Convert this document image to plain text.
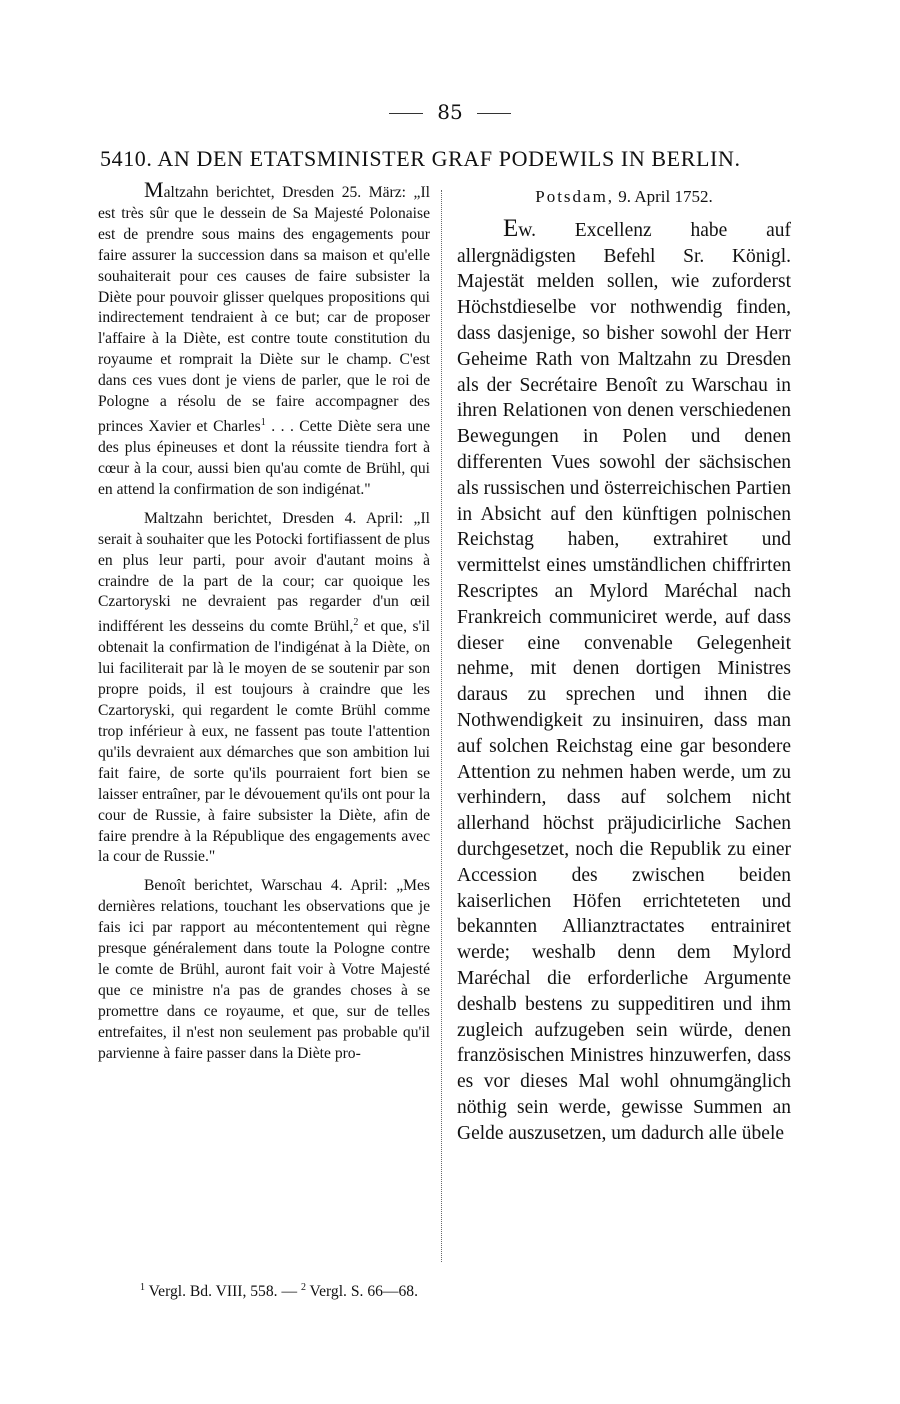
85
5410. AN DEN ETATSMINISTER GRAF PODEWILS IN BERLIN.

Maltzahn berichtet, Dresden 25. März: „Il est très sûr que le dessein de Sa Majesté Polonaise est de prendre sous mains des engagements pour faire assurer la succession dans sa maison et qu'elle souhaiterait pour ces causes de faire subsister la Diète pour pouvoir glisser quelques propositions qui indirectement tendraient à ce but; car de proposer l'affaire à la Diète, est contre toute constitution du royaume et romprait la Diète sur le champ. C'est dans ces vues dont je viens de parler, que le roi de Pologne a résolu de se faire accompagner des princes Xavier et Charles$^1$ . . . Cette Diète sera une des plus épineuses et dont la réussite tiendra fort à cœur à la cour, aussi bien qu'au comte de Brühl, qui en attend la confirmation de son indigénat."

Maltzahn berichtet, Dresden 4. April: „Il serait à souhaiter que les Potocki fortifiassent de plus en plus leur parti, pour avoir d'autant moins à craindre de la part de la cour; car quoique les Czartoryski ne devraient pas regarder d'un œil indifférent les desseins du comte Brühl,$^2$ et que, s'il obtenait la confirmation de l'indigénat à la Diète, on lui faciliterait par là le moyen de se soutenir par son propre poids, il est toujours à craindre que les Czartoryski, qui regardent le comte Brühl comme trop inférieur à eux, ne fassent pas toute l'attention qu'ils devraient aux démarches que son ambition lui fait faire, de sorte qu'ils pourraient fort bien se laisser entraîner, par le dévouement qu'ils ont pour la cour de Russie, à faire subsister la Diète, afin de faire prendre à la République des engagements avec la cour de Russie."

Benoît berichtet, Warschau 4. April: „Mes dernières relations, touchant les observations que je fais ici par rapport au mécontentement qui règne presque généralement dans toute la Pologne contre le comte de Brühl, auront fait voir à Votre Majesté que ce ministre n'a pas de grandes choses à se promettre dans ce royaume, et que, sur de telles entrefaites, il n'est non seulement pas probable qu'il parvienne à faire passer dans la Diète pro-

Potsdam, 9. April 1752.

Ew. Excellenz habe auf allergnädigsten Befehl Sr. Königl. Majestät melden sollen, wie zuforderst Höchstdieselbe vor nothwendig finden, dass dasjenige, so bisher sowohl der Herr Geheime Rath von Maltzahn zu Dresden als der Secrétaire Benoît zu Warschau in ihren Relationen von denen verschiedenen Bewegungen in Polen und denen differenten Vues sowohl der sächsischen als russischen und österreichischen Partien in Absicht auf den künftigen polnischen Reichstag haben, extrahiret und vermittelst eines umständlichen chiffrirten Rescriptes an Mylord Maréchal nach Frankreich communiciret werde, auf dass dieser eine convenable Gelegenheit nehme, mit denen dortigen Ministres daraus zu sprechen und ihnen die Nothwendigkeit zu insinuiren, dass man auf solchen Reichstag eine gar besondere Attention zu nehmen haben werde, um zu verhindern, dass auf solchem nicht allerhand höchst präjudicirliche Sachen durchgesetzet, noch die Republik zu einer Accession des zwischen beiden kaiserlichen Höfen errichteteten und bekannten Allianztractates entrainiret werde; weshalb denn dem Mylord Maréchal die erforderliche Argumente deshalb bestens zu suppeditiren und ihm zugleich aufzugeben sein würde, denen französischen Ministres hinzuwerfen, dass es vor dieses Mal wohl ohnumgänglich nöthig sein werde, gewisse Summen an Gelde auszusetzen, um dadurch alle übele

$^1$ Vergl. Bd. VIII, 558. — $^2$ Vergl. S. 66—68.
